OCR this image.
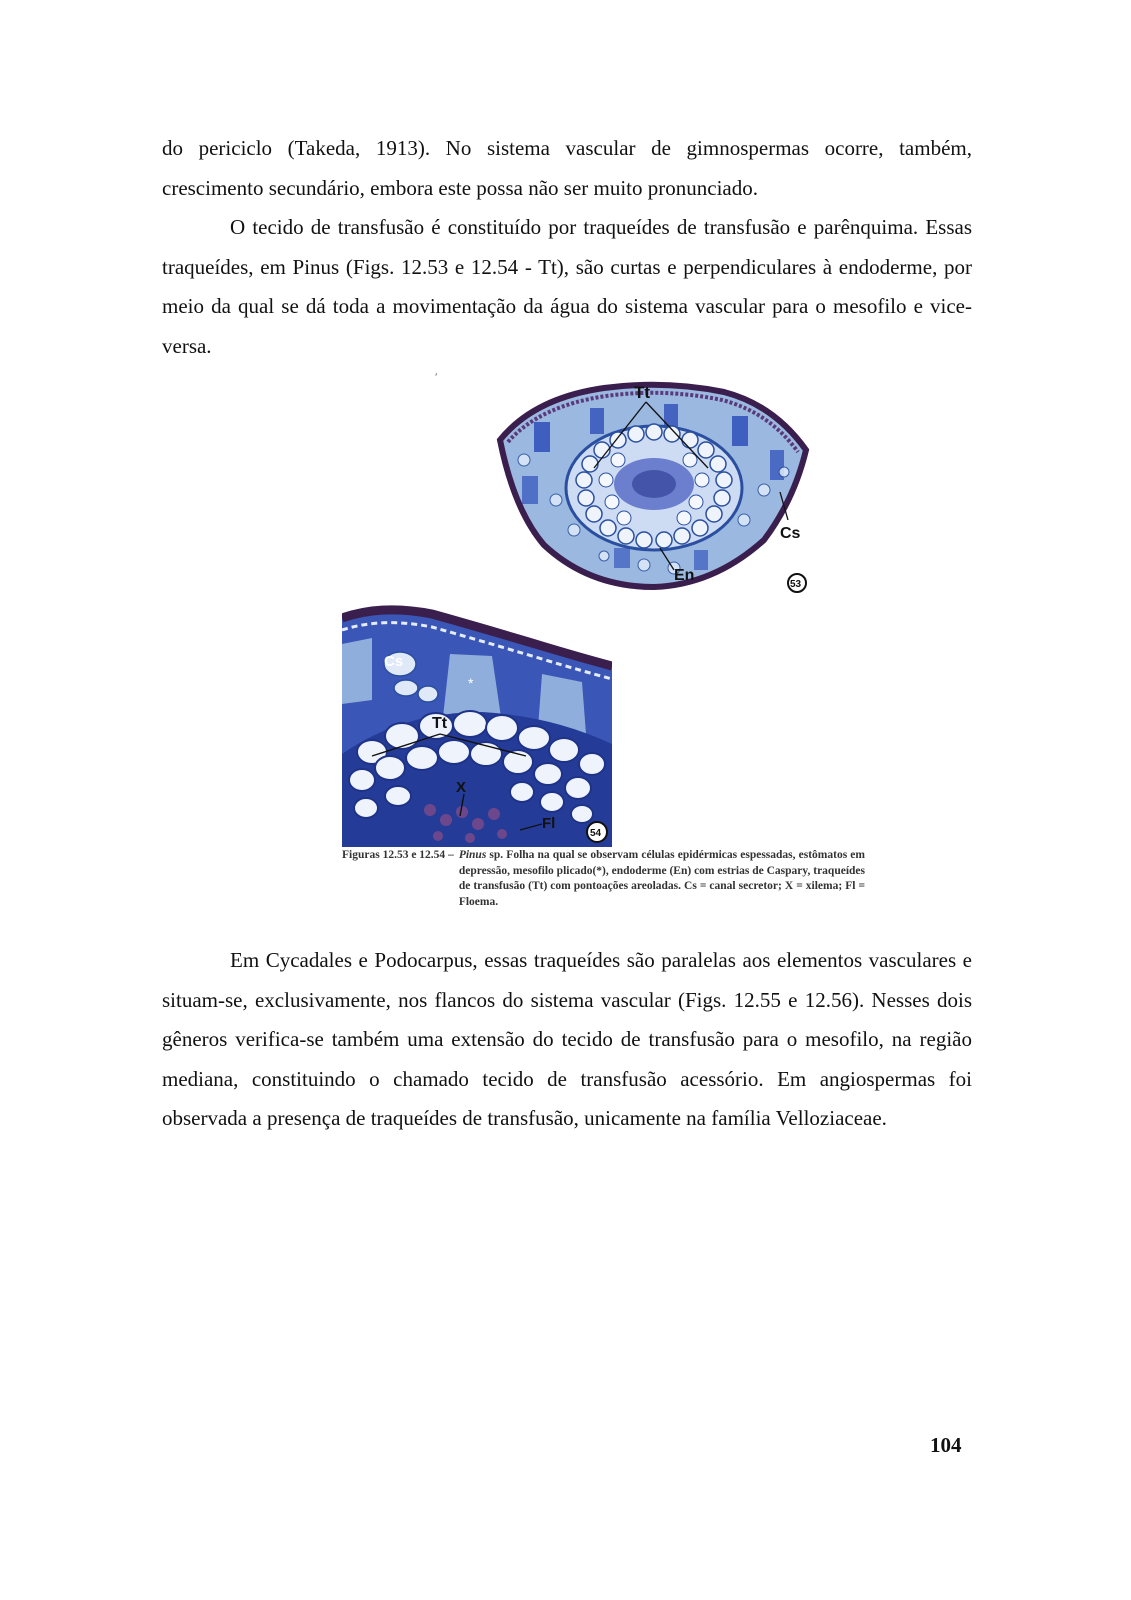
do periciclo (Takeda, 1913). No sistema vascular de gimnospermas ocorre, também, crescimento secundário, embora este possa não ser muito pronunciado.

O tecido de transfusão é constituído por traqueídes de transfusão e parênquima. Essas traqueídes, em Pinus (Figs. 12.53 e 12.54 - Tt), são curtas e perpendiculares à endoderme, por meio da qual se dá toda a movimentação da água do sistema vascular para o mesofilo e vice-versa.

ʹ
Tt
Cs
En
53
Cs
*
Tt
X
Fl
54
Figuras 12.53 e 12.54 – Pinus sp. Folha na qual se observam células epidérmicas espessadas, estômatos em depressão, mesofilo plicado(*), endoderme (En) com estrias de Caspary, traqueídes de transfusão (Tt) com pontoações areoladas. Cs = canal secretor; X = xilema; Fl = Floema.

Em Cycadales e Podocarpus, essas traqueídes são paralelas aos elementos vasculares e situam-se, exclusivamente, nos flancos do sistema vascular (Figs. 12.55 e 12.56). Nesses dois gêneros verifica-se também uma extensão do tecido de transfusão para o mesofilo, na região mediana, constituindo o chamado tecido de transfusão acessório. Em angiospermas foi observada a presença de traqueídes de transfusão, unicamente na família Velloziaceae.

104
